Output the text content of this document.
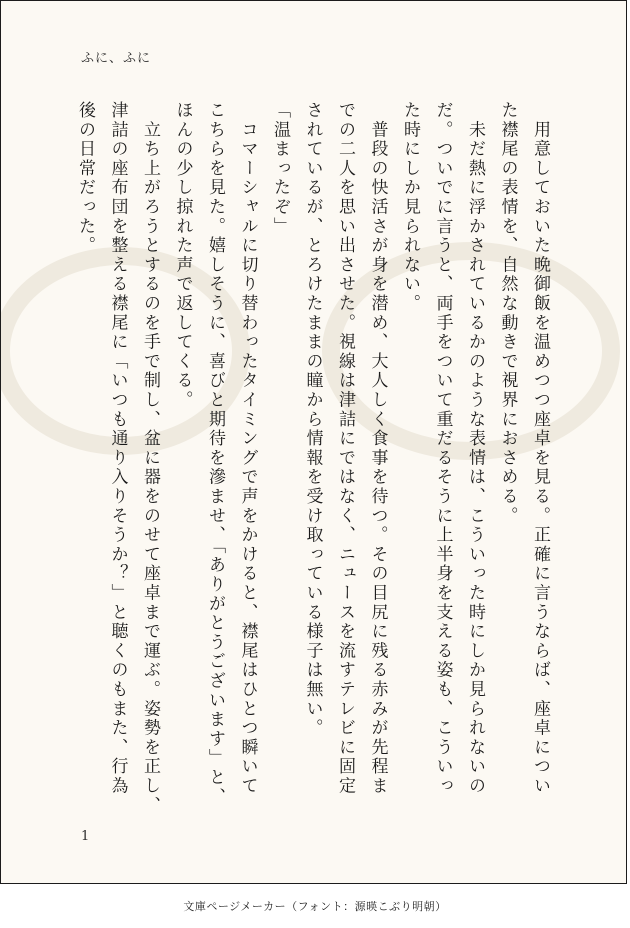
ふに、ふに

　用意しておいた晩御飯を温めつつ座卓を見る。正確に言うならば、座卓につい

た襟尾の表情を、自然な動きで視界におさめる。

　未だ熱に浮かされているかのような表情は、こういった時にしか見られないの

だ。ついでに言うと、両手をついて重だるそうに上半身を支える姿も、こういっ

た時にしか見られない。

　普段の快活さが身を潜め、大人しく食事を待つ。その目尻に残る赤みが先程ま

での二人を思い出させた。視線は津詰にではなく、ニュースを流すテレビに固定

されているが、とろけたままの瞳から情報を受け取っている様子は無い。

「温まったぞ」

　コマーシャルに切り替わったタイミングで声をかけると、襟尾はひとつ瞬いて

こちらを見た。嬉しそうに、喜びと期待を滲ませ、「ありがとうございます」と、

ほんの少し掠れた声で返してくる。

　立ち上がろうとするのを手で制し、盆に器をのせて座卓まで運ぶ。姿勢を正し、

津詰の座布団を整える襟尾に「いつも通り入りそうか？」と聴くのもまた、行為

後の日常だった。

1
文庫ページメーカー（フォント：源暎こぶり明朝）
